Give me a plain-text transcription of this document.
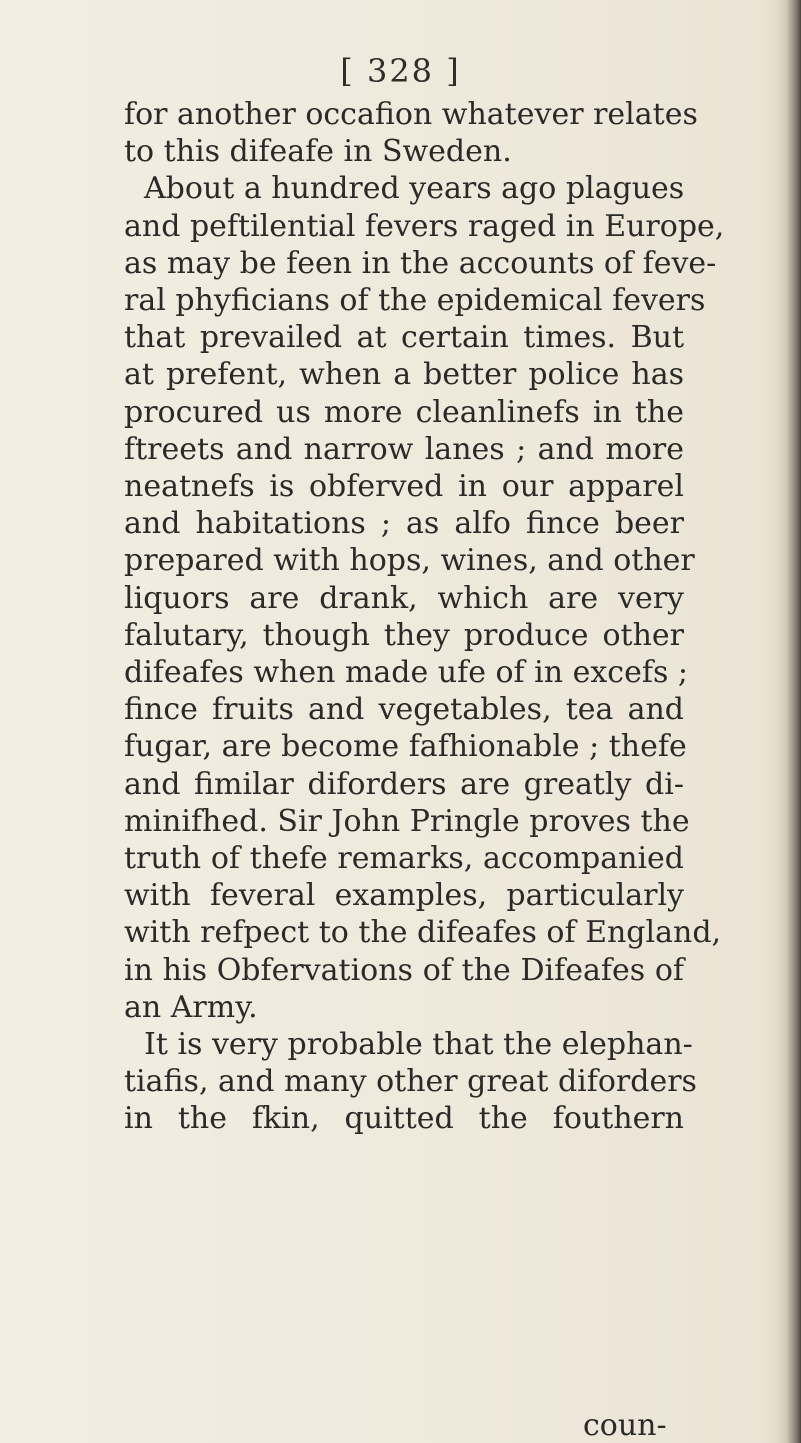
[ 328 ]
for another occafion whatever relates
to this difeafe in Sweden.
About a hundred years ago plagues
and peftilential fevers raged in Europe,
as may be feen in the accounts of feve-
ral phyficians of the epidemical fevers
that prevailed at certain times. But
at prefent, when a better police has
procured us more cleanlinefs in the
ftreets and narrow lanes ; and more
neatnefs is obferved in our apparel
and habitations ; as alfo fince beer
prepared with hops, wines, and other
liquors are drank, which are very
falutary, though they produce other
difeafes when made ufe of in excefs ;
fince fruits and vegetables, tea and
fugar, are become fafhionable ; thefe
and fimilar diforders are greatly di-
minifhed. Sir John Pringle proves the
truth of thefe remarks, accompanied
with feveral examples, particularly
with refpect to the difeafes of England,
in his Obfervations of the Difeafes of
an Army.
It is very probable that the elephan-
tiafis, and many other great diforders
in the fkin, quitted the fouthern
coun-
